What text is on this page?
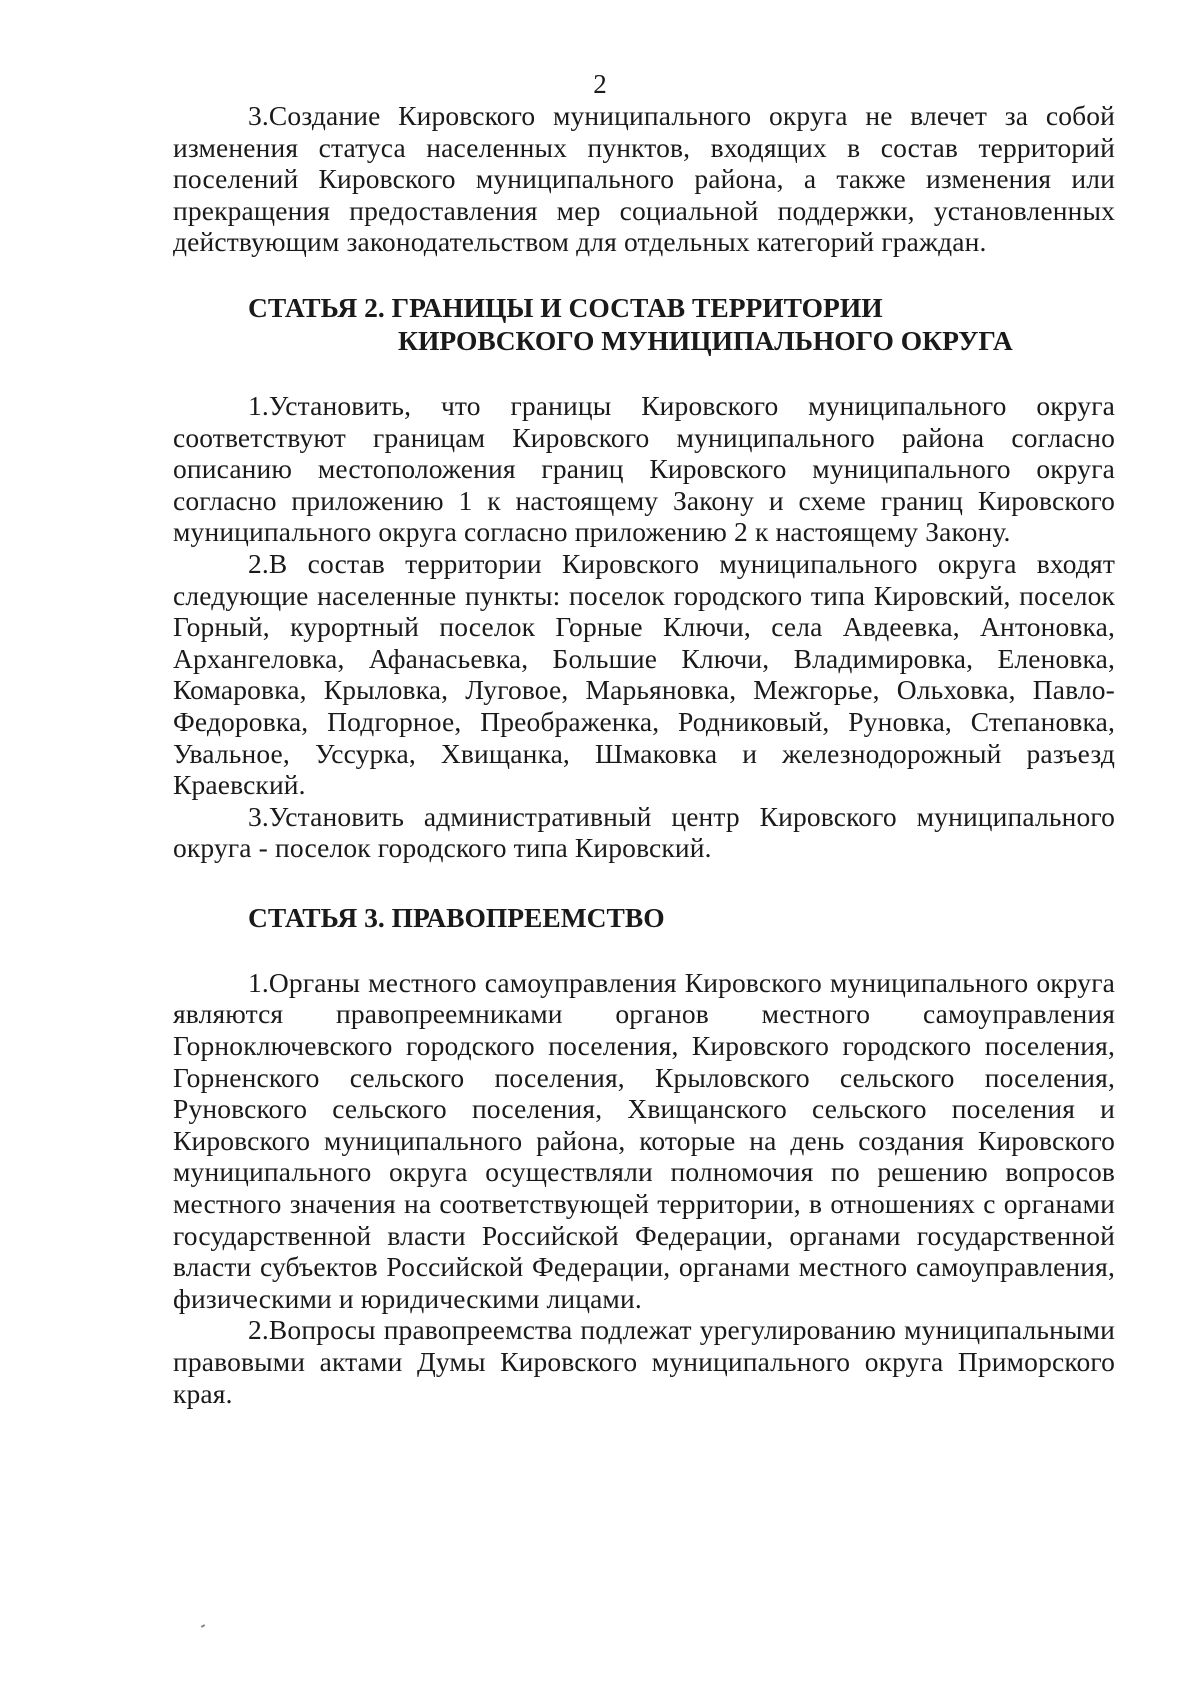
2

3.Создание Кировского муниципального округа не влечет за собой изменения статуса населенных пунктов, входящих в состав территорий поселений Кировского муниципального района, а также изменения или прекращения предоставления мер социальной поддержки, установленных действующим законодательством для отдельных категорий граждан.

СТАТЬЯ 2. ГРАНИЦЫ И СОСТАВ ТЕРРИТОРИИ
КИРОВСКОГО МУНИЦИПАЛЬНОГО ОКРУГА

1.Установить, что границы Кировского муниципального округа соответствуют границам Кировского муниципального района согласно описанию местоположения границ Кировского муниципального округа согласно приложению 1 к настоящему Закону и схеме границ Кировского муниципального округа согласно приложению 2 к настоящему Закону.

2.В состав территории Кировского муниципального округа входят следующие населенные пункты: поселок городского типа Кировский, поселок Горный, курортный поселок Горные Ключи, села Авдеевка, Антоновка, Архангеловка, Афанасьевка, Большие Ключи, Владимировка, Еленовка, Комаровка, Крыловка, Луговое, Марьяновка, Межгорье, Ольховка, Павло-Федоровка, Подгорное, Преображенка, Родниковый, Руновка, Степановка, Увальное, Уссурка, Хвищанка, Шмаковка и железнодорожный разъезд Краевский.

3.Установить административный центр Кировского муниципального округа - поселок городского типа Кировский.

СТАТЬЯ 3. ПРАВОПРЕЕМСТВО

1.Органы местного самоуправления Кировского муниципального округа являются правопреемниками органов местного самоуправления Горноключевского городского поселения, Кировского городского поселения, Горненского сельского поселения, Крыловского сельского поселения, Руновского сельского поселения, Хвищанского сельского поселения и Кировского муниципального района, которые на день создания Кировского муниципального округа осуществляли полномочия по решению вопросов местного значения на соответствующей территории, в отношениях с органами государственной власти Российской Федерации, органами государственной власти субъектов Российской Федерации, органами местного самоуправления, физическими и юридическими лицами.

2.Вопросы правопреемства подлежат урегулированию муниципальными правовыми актами Думы Кировского муниципального округа Приморского края.
